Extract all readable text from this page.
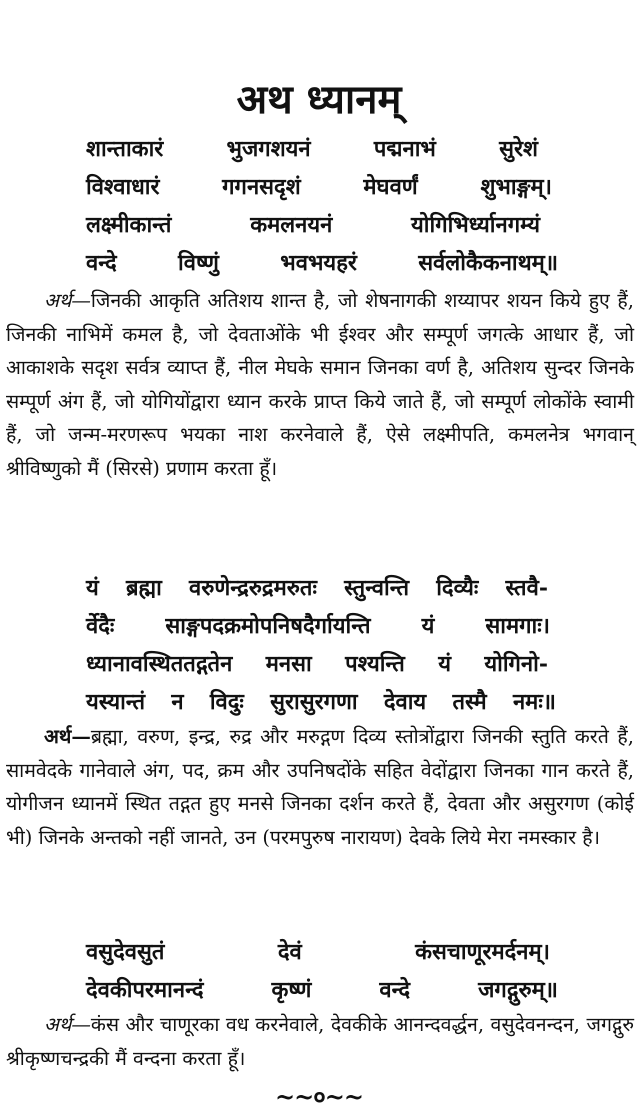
अथ ध्यानम्
शान्ताकारं	भुजगशयनं	पद्मनाभं	सुरेशं
विश्वाधारं	गगनसदृशं	मेघवर्णं	शुभाङ्गम्।
लक्ष्मीकान्तं	कमलनयनं	योगिभिर्ध्यानगम्यं
वन्दे	विष्णुं	भवभयहरं	सर्वलोकैकनाथम्॥
अर्थ—जिनकी आकृति अतिशय शान्त है, जो शेषनागकी शय्यापर शयन किये हुए हैं, जिनकी नाभिमें कमल है, जो देवताओंके भी ईश्वर और सम्पूर्ण जगत्के आधार हैं, जो आकाशके सदृश सर्वत्र व्याप्त हैं, नील मेघके समान जिनका वर्ण है, अतिशय सुन्दर जिनके सम्पूर्ण अंग हैं, जो योगियोंद्वारा ध्यान करके प्राप्त किये जाते हैं, जो सम्पूर्ण लोकोंके स्वामी हैं, जो जन्म-मरणरूप भयका नाश करनेवाले हैं, ऐसे लक्ष्मीपति, कमलनेत्र भगवान् श्रीविष्णुको मैं (सिरसे) प्रणाम करता हूँ।
यं ब्रह्मा वरुणेन्द्ररुद्रमरुतः स्तुन्वन्ति दिव्यैः स्तवै-
र्वेदैः साङ्गपदक्रमोपनिषदैर्गायन्ति यं सामगाः।
ध्यानावस्थिततद्गतेन मनसा पश्यन्ति यं योगिनो-
यस्यान्तं न विदुः सुरासुरगणा देवाय तस्मै नमः॥
अर्थ—ब्रह्मा, वरुण, इन्द्र, रुद्र और मरुद्गण दिव्य स्तोत्रोंद्वारा जिनकी स्तुति करते हैं, सामवेदके गानेवाले अंग, पद, क्रम और उपनिषदोंके सहित वेदोंद्वारा जिनका गान करते हैं, योगीजन ध्यानमें स्थित तद्गत हुए मनसे जिनका दर्शन करते हैं, देवता और असुरगण (कोई भी) जिनके अन्तको नहीं जानते, उन (परमपुरुष नारायण) देवके लिये मेरा नमस्कार है।
वसुदेवसुतं	देवं	कंसचाणूरमर्दनम्।
देवकीपरमानन्दं	कृष्णं	वन्दे	जगद्गुरुम्॥
अर्थ—कंस और चाणूरका वध करनेवाले, देवकीके आनन्दवर्द्धन, वसुदेवनन्दन, जगद्गुरु श्रीकृष्णचन्द्रकी मैं वन्दना करता हूँ।
~~०~~
